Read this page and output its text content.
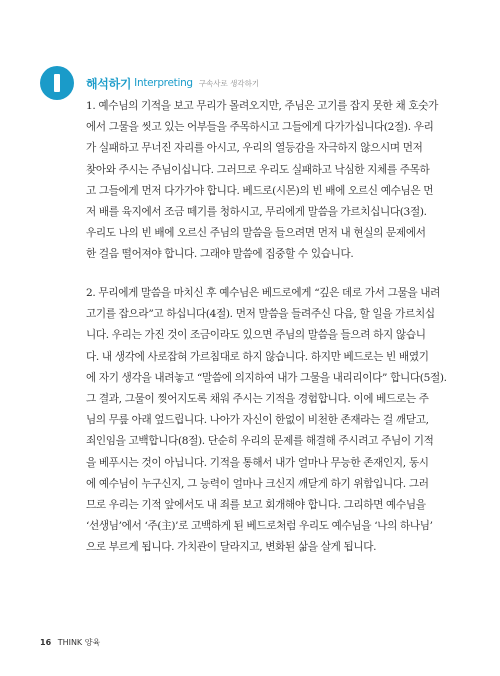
해석하기 Interpreting 구속사로 생각하기

1. 예수님의 기적을 보고 무리가 몰려오지만, 주님은 고기를 잡지 못한 채 호숫가

에서 그물을 씻고 있는 어부들을 주목하시고 그들에게 다가가십니다(2절). 우리

가 실패하고 무너진 자리를 아시고, 우리의 열등감을 자극하지 않으시며 먼저

찾아와 주시는 주님이십니다. 그러므로 우리도 실패하고 낙심한 지체를 주목하

고 그들에게 먼저 다가가야 합니다. 베드로(시몬)의 빈 배에 오르신 예수님은 먼

저 배를 육지에서 조금 떼기를 청하시고, 무리에게 말씀을 가르치십니다(3절).

우리도 나의 빈 배에 오르신 주님의 말씀을 들으려면 먼저 내 현실의 문제에서

한 걸음 떨어져야 합니다. 그래야 말씀에 집중할 수 있습니다.

2. 무리에게 말씀을 마치신 후 예수님은 베드로에게 “깊은 데로 가서 그물을 내려

고기를 잡으라”고 하십니다(4절). 먼저 말씀을 들려주신 다음, 할 일을 가르치십

니다. 우리는 가진 것이 조금이라도 있으면 주님의 말씀을 들으려 하지 않습니

다. 내 생각에 사로잡혀 가르침대로 하지 않습니다. 하지만 베드로는 빈 배였기

에 자기 생각을 내려놓고 “말씀에 의지하여 내가 그물을 내리리이다” 합니다(5절).

그 결과, 그물이 찢어지도록 채워 주시는 기적을 경험합니다. 이에 베드로는 주

님의 무릎 아래 엎드립니다. 나아가 자신이 한없이 비천한 존재라는 걸 깨닫고,

죄인임을 고백합니다(8절). 단순히 우리의 문제를 해결해 주시려고 주님이 기적

을 베푸시는 것이 아닙니다. 기적을 통해서 내가 얼마나 무능한 존재인지, 동시

에 예수님이 누구신지, 그 능력이 얼마나 크신지 깨닫게 하기 위함입니다. 그러

므로 우리는 기적 앞에서도 내 죄를 보고 회개해야 합니다. 그리하면 예수님을

‘선생님’에서 ‘주(主)’로 고백하게 된 베드로처럼 우리도 예수님을 ‘나의 하나님’

으로 부르게 됩니다. 가치관이 달라지고, 변화된 삶을 살게 됩니다.

16 THINK 양육
